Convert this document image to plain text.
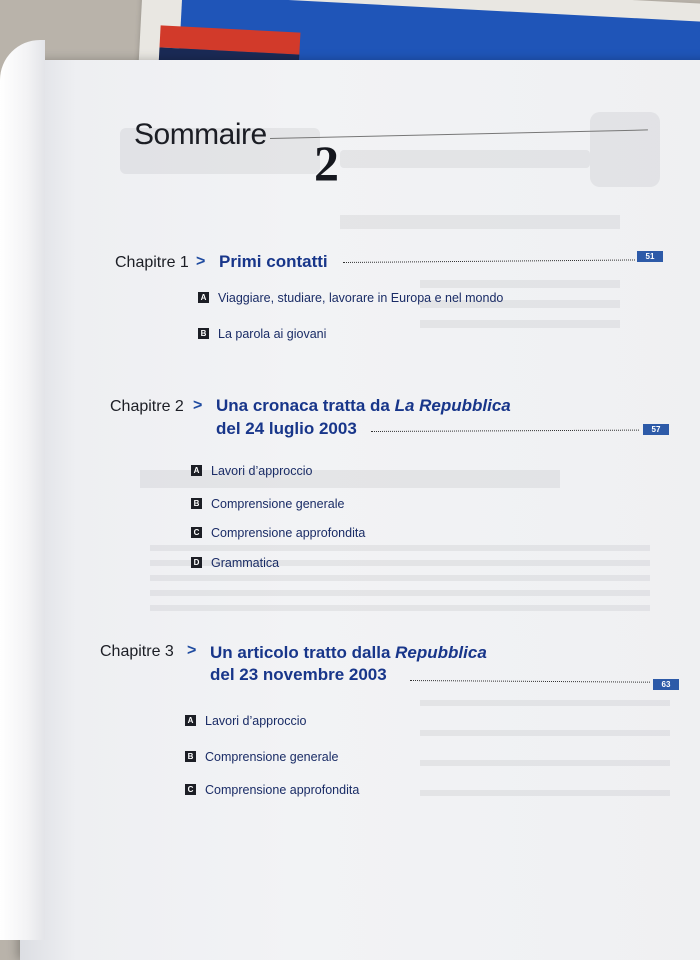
Sommaire
2
Chapitre 1 > Primi contatti	51
A Viaggiare, studiare, lavorare in Europa e nel mondo
B La parola ai giovani
Chapitre 2 > Una cronaca tratta da La Repubblica
del 24 luglio 2003	57
A Lavori d’approccio
B Comprensione generale
C Comprensione approfondita
D Grammatica
Chapitre 3 > Un articolo tratto dalla Repubblica
del 23 novembre 2003
63
A Lavori d’approccio
B Comprensione generale
C Comprensione approfondita
